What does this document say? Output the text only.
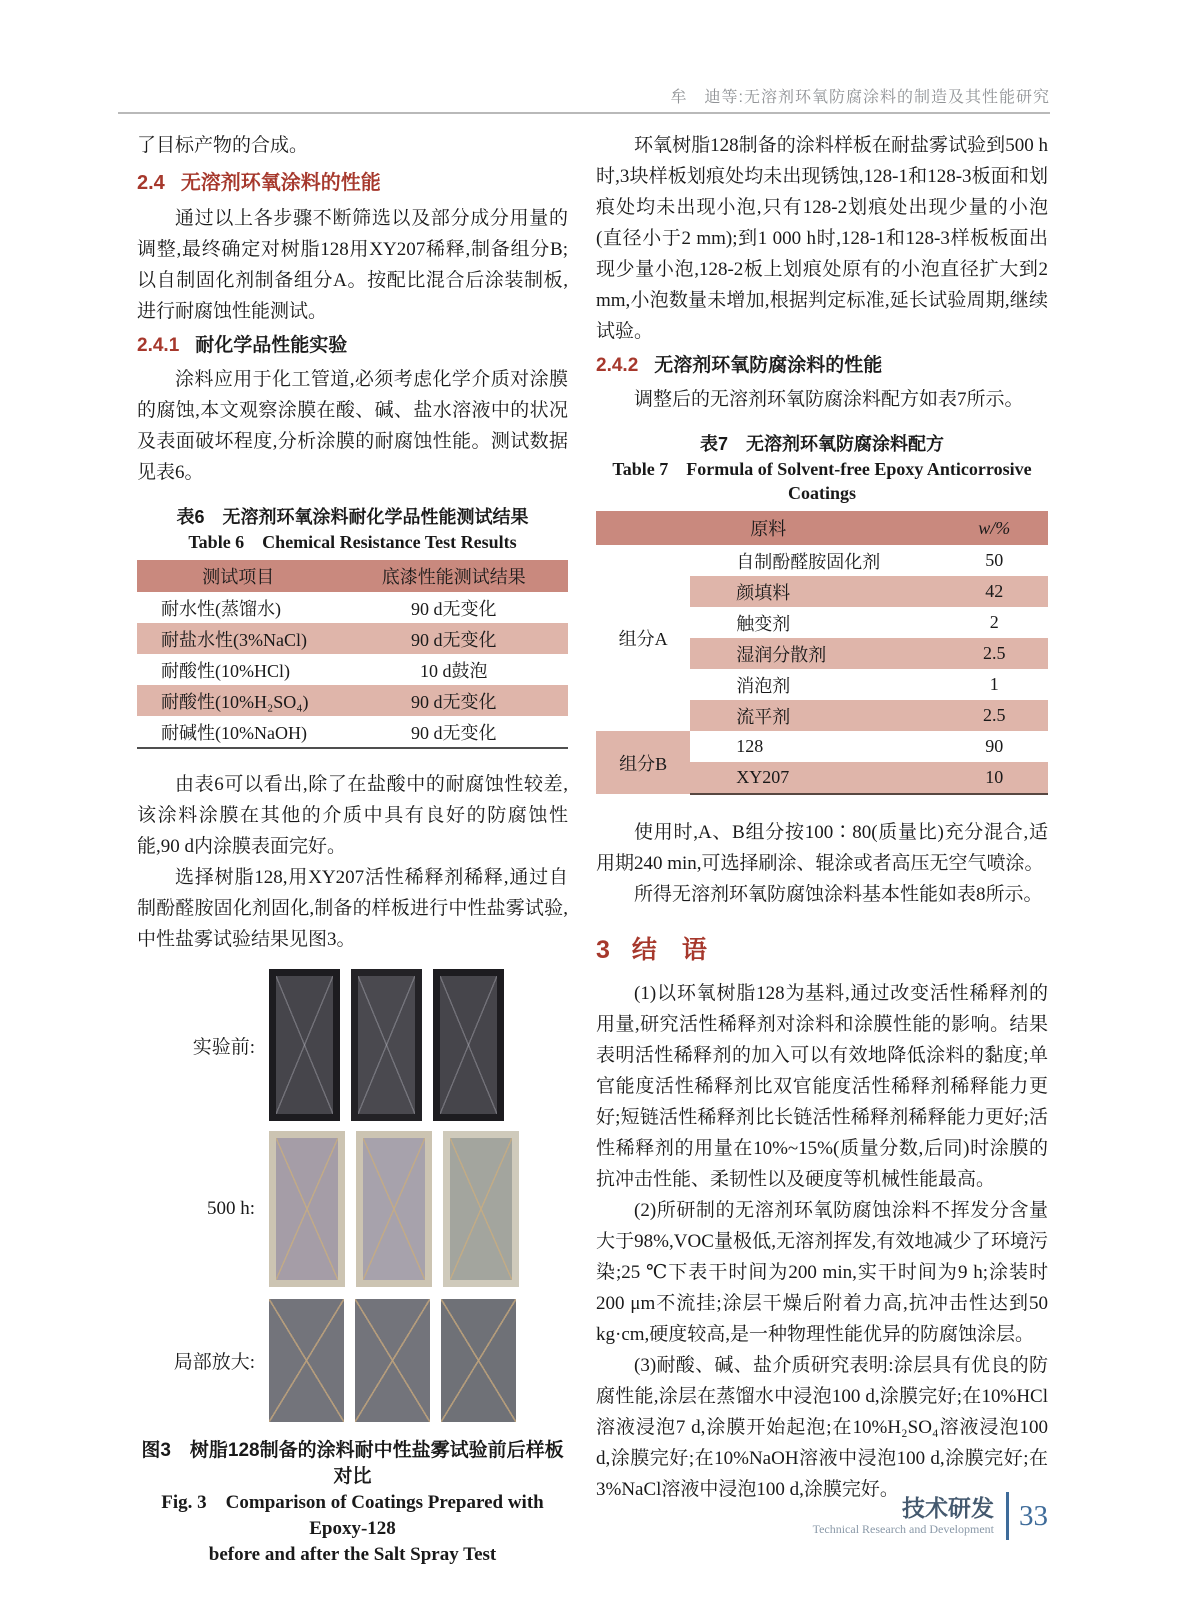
牟　迪等:无溶剂环氧防腐涂料的制造及其性能研究

了目标产物的合成。

2.4 无溶剂环氧涂料的性能

通过以上各步骤不断筛选以及部分成分用量的调整,最终确定对树脂128用XY207稀释,制备组分B;以自制固化剂制备组分A。按配比混合后涂装制板,进行耐腐蚀性能测试。

2.4.1 耐化学品性能实验

涂料应用于化工管道,必须考虑化学介质对涂膜的腐蚀,本文观察涂膜在酸、碱、盐水溶液中的状况及表面破坏程度,分析涂膜的耐腐蚀性能。测试数据见表6。

表6　无溶剂环氧涂料耐化学品性能测试结果
Table 6　Chemical Resistance Test Results
测试项目	底漆性能测试结果
耐水性(蒸馏水)	90 d无变化
耐盐水性(3%NaCl)	90 d无变化
耐酸性(10%HCl)	10 d鼓泡
耐酸性(10%H₂SO₄)	90 d无变化
耐碱性(10%NaOH)	90 d无变化

由表6可以看出,除了在盐酸中的耐腐蚀性较差,该涂料涂膜在其他的介质中具有良好的防腐蚀性能,90 d内涂膜表面完好。

选择树脂128,用XY207活性稀释剂稀释,通过自制酚醛胺固化剂固化,制备的样板进行中性盐雾试验,中性盐雾试验结果见图3。

实验前:
500 h:
局部放大:
图3　树脂128制备的涂料耐中性盐雾试验前后样板对比
Fig. 3　Comparison of Coatings Prepared with Epoxy-128
before and after the Salt Spray Test

环氧树脂128制备的涂料样板在耐盐雾试验到500 h时,3块样板划痕处均未出现锈蚀,128-1和128-3板面和划痕处均未出现小泡,只有128-2划痕处出现少量的小泡(直径小于2 mm);到1 000 h时,128-1和128-3样板板面出现少量小泡,128-2板上划痕处原有的小泡直径扩大到2 mm,小泡数量未增加,根据判定标准,延长试验周期,继续试验。

2.4.2 无溶剂环氧防腐涂料的性能

调整后的无溶剂环氧防腐涂料配方如表7所示。

表7　无溶剂环氧防腐涂料配方
Table 7　Formula of Solvent-free Epoxy Anticorrosive
Coatings
原料		w/%
组分A	自制酚醛胺固化剂	50
	颜填料	42
	触变剂	2
	湿润分散剂	2.5
	消泡剂	1
	流平剂	2.5
组分B	128	90
	XY207	10

使用时,A、B组分按100∶80(质量比)充分混合,适用期240 min,可选择刷涂、辊涂或者高压无空气喷涂。

所得无溶剂环氧防腐蚀涂料基本性能如表8所示。

3 结　语

(1)以环氧树脂128为基料,通过改变活性稀释剂的用量,研究活性稀释剂对涂料和涂膜性能的影响。结果表明活性稀释剂的加入可以有效地降低涂料的黏度;单官能度活性稀释剂比双官能度活性稀释剂稀释能力更好;短链活性稀释剂比长链活性稀释剂稀释能力更好;活性稀释剂的用量在10%~15%(质量分数,后同)时涂膜的抗冲击性能、柔韧性以及硬度等机械性能最高。

(2)所研制的无溶剂环氧防腐蚀涂料不挥发分含量大于98%,VOC量极低,无溶剂挥发,有效地减少了环境污染;25 ℃下表干时间为200 min,实干时间为9 h;涂装时200 μm不流挂;涂层干燥后附着力高,抗冲击性达到50 kg·cm,硬度较高,是一种物理性能优异的防腐蚀涂层。

(3)耐酸、碱、盐介质研究表明:涂层具有优良的防腐性能,涂层在蒸馏水中浸泡100 d,涂膜完好;在10%HCl溶液浸泡7 d,涂膜开始起泡;在10%H₂SO₄溶液浸泡100 d,涂膜完好;在10%NaOH溶液中浸泡100 d,涂膜完好;在3%NaCl溶液中浸泡100 d,涂膜完好。

技术研发
Technical Research and Development 33
